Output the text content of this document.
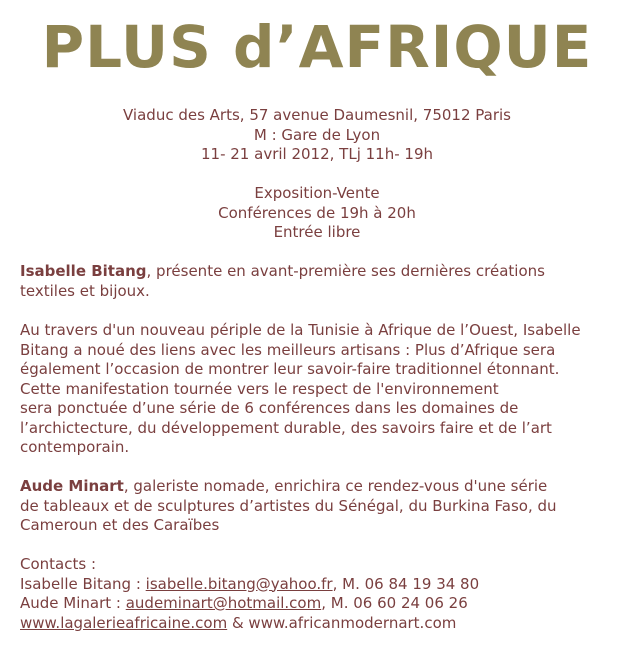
PLUS d’AFRIQUE
Viaduc des Arts, 57 avenue Daumesnil, 75012 Paris
M : Gare de Lyon
11- 21 avril 2012, TLj 11h- 19h
Exposition-Vente
Conférences de 19h à 20h
Entrée libre
Isabelle Bitang, présente en avant-première ses dernières créations
textiles et bijoux.
Au travers d'un nouveau périple de la Tunisie à Afrique de l’Ouest, Isabelle
Bitang a noué des liens avec les meilleurs artisans : Plus d’Afrique sera
également l’occasion de montrer leur savoir-faire traditionnel étonnant.
Cette manifestation tournée vers le respect de l'environnement
sera ponctuée d’une série de 6 conférences dans les domaines de
l’archictecture, du développement durable, des savoirs faire et de l’art
contemporain.
Aude Minart, galeriste nomade, enrichira ce rendez-vous d'une série
de tableaux et de sculptures d’artistes du Sénégal, du Burkina Faso, du
Cameroun et des Caraïbes
Contacts :
Isabelle Bitang : isabelle.bitang@yahoo.fr, M. 06 84 19 34 80
Aude Minart : audeminart@hotmail.com, M. 06 60 24 06 26
www.lagalerieafricaine.com & www.africanmodernart.com
